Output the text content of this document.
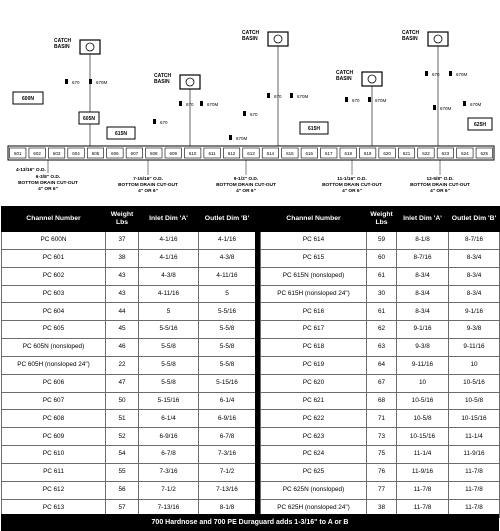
601	602	603	604	605	606	607	608	609	610	611	612	613	614	615	616	617	618	619	620	621	622	623	624	625
CATCH BASIN
CATCH BASIN
CATCH BASIN
CATCH BASIN
CATCH BASIN
600N
605N
615N
615H
625H
670	670M
670	670M
670	670M
670	670M
670	670M
670
670M
670
670M
670M
4-13/16" O.D.
6-3/8" O.D.
BOTTOM DRAIN CUT-OUT
4" OR 6"
7-15/16" O.D.
BOTTOM DRAIN CUT-OUT
4" OR 6"
9-1/2" O.D.
BOTTOM DRAIN CUT-OUT
4" OR 6"
11-1/16" O.D.
BOTTOM DRAIN CUT-OUT
4" OR 6"
12-5/8" O.D.
BOTTOM DRAIN CUT-OUT
4" OR 6"
Channel Number	Weight Lbs	Inlet Dim 'A'	Outlet Dim 'B'
PC 600N	37	4-1/16	4-1/16
PC 601	38	4-1/16	4-3/8
PC 602	43	4-3/8	4-11/16
PC 603	43	4-11/16	5
PC 604	44	5	5-5/16
PC 605	45	5-5/16	5-5/8
PC 605N (nonsloped)	46	5-5/8	5-5/8
PC 605H (nonsloped 24")	22	5-5/8	5-5/8
PC 606	47	5-5/8	5-15/16
PC 607	50	5-15/16	6-1/4
PC 608	51	6-1/4	6-9/16
PC 609	52	6-9/16	6-7/8
PC 610	54	6-7/8	7-3/16
PC 611	55	7-3/16	7-1/2
PC 612	56	7-1/2	7-13/16
PC 613	57	7-13/16	8-1/8
Channel Number	Weight Lbs	Inlet Dim 'A'	Outlet Dim 'B'
PC 614	59	8-1/8	8-7/16
PC 615	60	8-7/16	8-3/4
PC 615N (nonsloped)	61	8-3/4	8-3/4
PC 615H (nonsloped 24")	30	8-3/4	8-3/4
PC 616	61	8-3/4	9-1/16
PC 617	62	9-1/16	9-3/8
PC 618	63	9-3/8	9-11/16
PC 619	64	9-11/16	10
PC 620	67	10	10-5/16
PC 621	68	10-5/16	10-5/8
PC 622	71	10-5/8	10-15/16
PC 623	73	10-15/16	11-1/4
PC 624	75	11-1/4	11-9/16
PC 625	76	11-9/16	11-7/8
PC 625N (nonsloped)	77	11-7/8	11-7/8
PC 625H (nonsloped 24")	38	11-7/8	11-7/8
700 Hardnose and 700 PE Duraguard adds 1-3/16" to A or B
